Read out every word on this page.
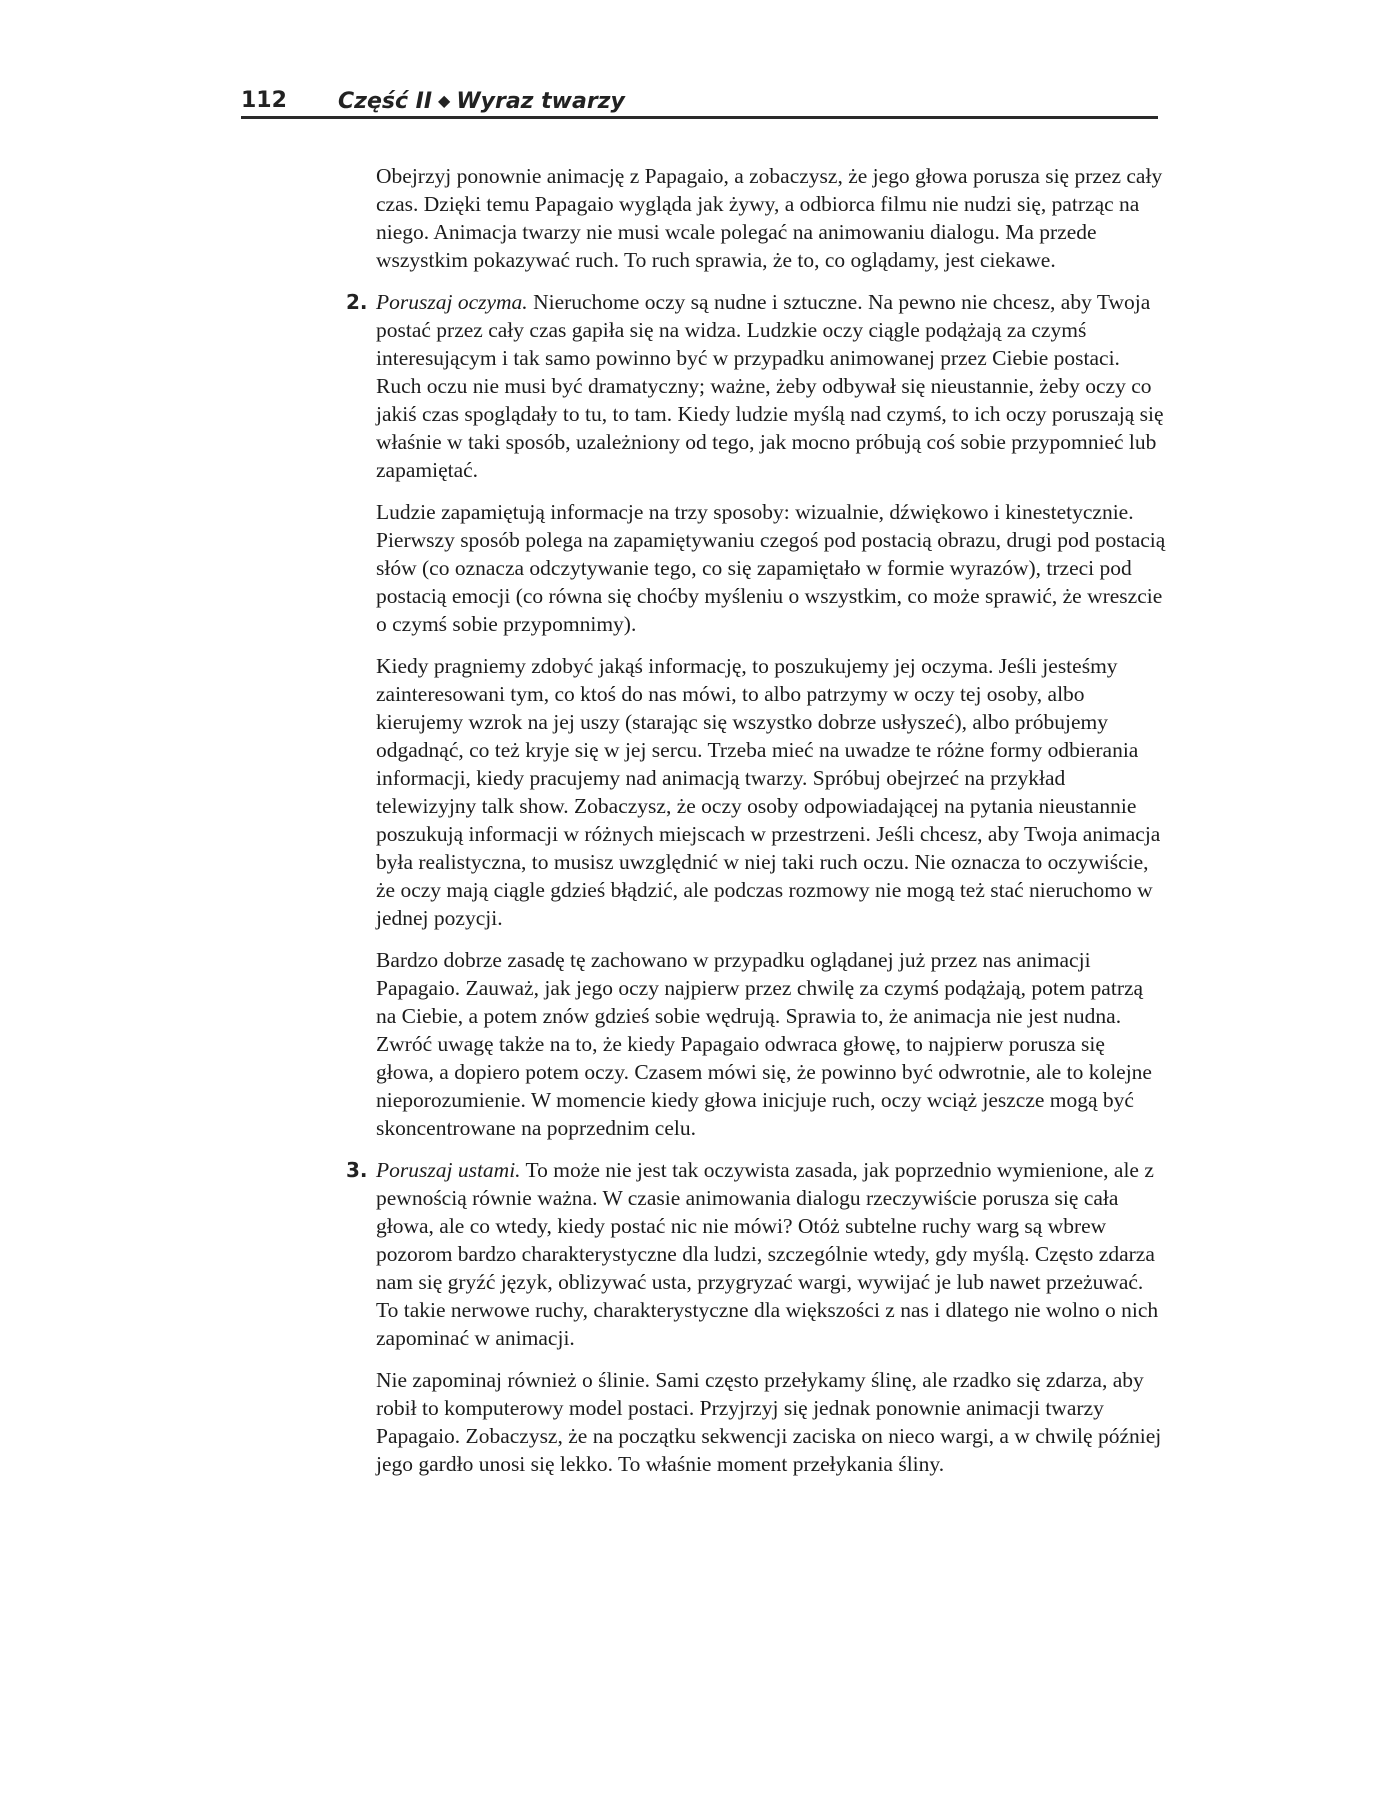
112 Część II ◆ Wyraz twarzy

Obejrzyj ponownie animację z Papagaio, a zobaczysz, że jego głowa porusza się przez cały czas. Dzięki temu Papagaio wygląda jak żywy, a odbiorca filmu nie nudzi się, patrząc na niego. Animacja twarzy nie musi wcale polegać na animowaniu dialogu. Ma przede wszystkim pokazywać ruch. To ruch sprawia, że to, co oglądamy, jest ciekawe.

2. Poruszaj oczyma. Nieruchome oczy są nudne i sztuczne. Na pewno nie chcesz, aby Twoja postać przez cały czas gapiła się na widza. Ludzkie oczy ciągle podążają za czymś interesującym i tak samo powinno być w przypadku animowanej przez Ciebie postaci. Ruch oczu nie musi być dramatyczny; ważne, żeby odbywał się nieustannie, żeby oczy co jakiś czas spoglądały to tu, to tam. Kiedy ludzie myślą nad czymś, to ich oczy poruszają się właśnie w taki sposób, uzależniony od tego, jak mocno próbują coś sobie przypomnieć lub zapamiętać.

Ludzie zapamiętują informacje na trzy sposoby: wizualnie, dźwiękowo i kinestetycznie. Pierwszy sposób polega na zapamiętywaniu czegoś pod postacią obrazu, drugi pod postacią słów (co oznacza odczytywanie tego, co się zapamiętało w formie wyrazów), trzeci pod postacią emocji (co równa się choćby myśleniu o wszystkim, co może sprawić, że wreszcie o czymś sobie przypomnimy).

Kiedy pragniemy zdobyć jakąś informację, to poszukujemy jej oczyma. Jeśli jesteśmy zainteresowani tym, co ktoś do nas mówi, to albo patrzymy w oczy tej osoby, albo kierujemy wzrok na jej uszy (starając się wszystko dobrze usłyszeć), albo próbujemy odgadnąć, co też kryje się w jej sercu. Trzeba mieć na uwadze te różne formy odbierania informacji, kiedy pracujemy nad animacją twarzy. Spróbuj obejrzeć na przykład telewizyjny talk show. Zobaczysz, że oczy osoby odpowiadającej na pytania nieustannie poszukują informacji w różnych miejscach w przestrzeni. Jeśli chcesz, aby Twoja animacja była realistyczna, to musisz uwzględnić w niej taki ruch oczu. Nie oznacza to oczywiście, że oczy mają ciągle gdzieś błądzić, ale podczas rozmowy nie mogą też stać nieruchomo w jednej pozycji.

Bardzo dobrze zasadę tę zachowano w przypadku oglądanej już przez nas animacji Papagaio. Zauważ, jak jego oczy najpierw przez chwilę za czymś podążają, potem patrzą na Ciebie, a potem znów gdzieś sobie wędrują. Sprawia to, że animacja nie jest nudna. Zwróć uwagę także na to, że kiedy Papagaio odwraca głowę, to najpierw porusza się głowa, a dopiero potem oczy. Czasem mówi się, że powinno być odwrotnie, ale to kolejne nieporozumienie. W momencie kiedy głowa inicjuje ruch, oczy wciąż jeszcze mogą być skoncentrowane na poprzednim celu.

3. Poruszaj ustami. To może nie jest tak oczywista zasada, jak poprzednio wymienione, ale z pewnością równie ważna. W czasie animowania dialogu rzeczywiście porusza się cała głowa, ale co wtedy, kiedy postać nic nie mówi? Otóż subtelne ruchy warg są wbrew pozorom bardzo charakterystyczne dla ludzi, szczególnie wtedy, gdy myślą. Często zdarza nam się gryźć język, oblizywać usta, przygryzać wargi, wywijać je lub nawet przeżuwać. To takie nerwowe ruchy, charakterystyczne dla większości z nas i dlatego nie wolno o nich zapominać w animacji.

Nie zapominaj również o ślinie. Sami często przełykamy ślinę, ale rzadko się zdarza, aby robił to komputerowy model postaci. Przyjrzyj się jednak ponownie animacji twarzy Papagaio. Zobaczysz, że na początku sekwencji zaciska on nieco wargi, a w chwilę później jego gardło unosi się lekko. To właśnie moment przełykania śliny.
